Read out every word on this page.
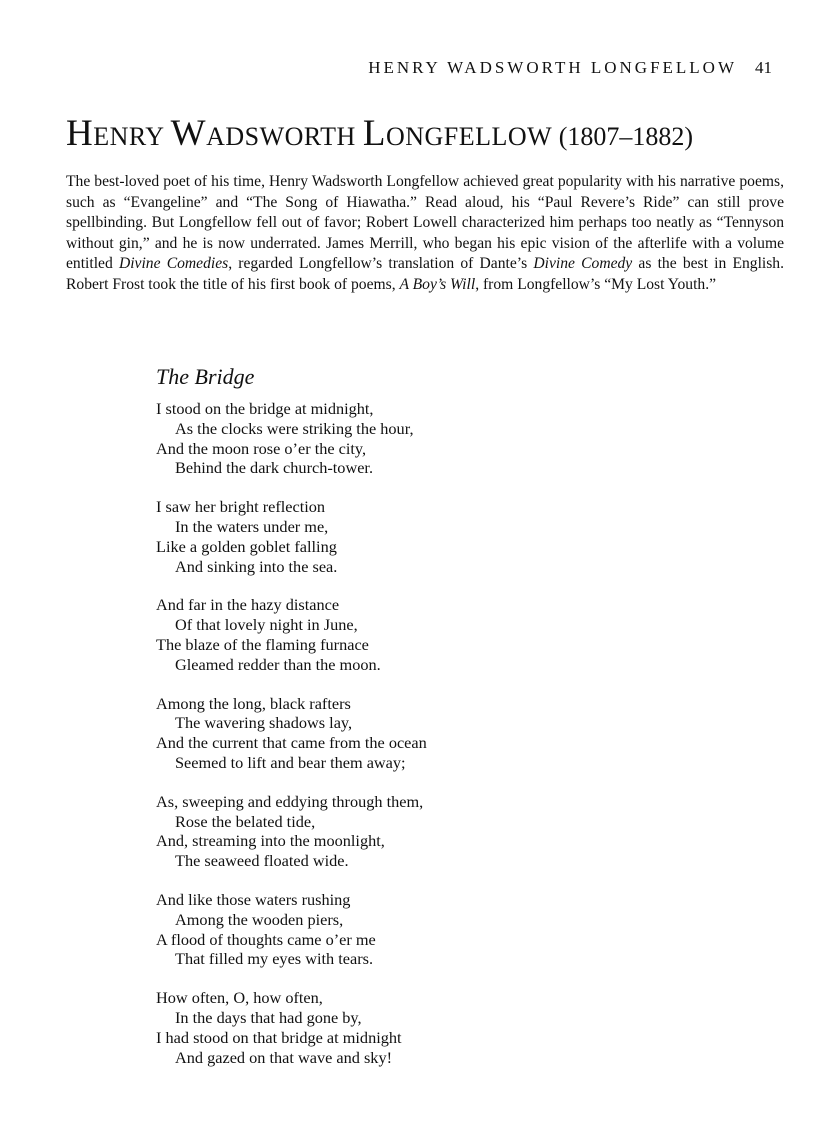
HENRY WADSWORTH LONGFELLOW 41
HENRY WADSWORTH LONGFELLOW (1807–1882)

The best-loved poet of his time, Henry Wadsworth Longfellow achieved great popularity with his narrative poems, such as “Evangeline” and “The Song of Hiawatha.” Read aloud, his “Paul Revere’s Ride” can still prove spellbinding. But Longfellow fell out of favor; Robert Lowell characterized him perhaps too neatly as “Tennyson without gin,” and he is now underrated. James Merrill, who began his epic vision of the afterlife with a volume entitled Divine Comedies, regarded Longfellow’s translation of Dante’s Divine Comedy as the best in English. Robert Frost took the title of his first book of poems, A Boy’s Will, from Longfellow’s “My Lost Youth.”

The Bridge
I stood on the bridge at midnight,
As the clocks were striking the hour,
And the moon rose o’er the city,
Behind the dark church-tower.
I saw her bright reflection
In the waters under me,
Like a golden goblet falling
And sinking into the sea.
And far in the hazy distance
Of that lovely night in June,
The blaze of the flaming furnace
Gleamed redder than the moon.
Among the long, black rafters
The wavering shadows lay,
And the current that came from the ocean
Seemed to lift and bear them away;
As, sweeping and eddying through them,
Rose the belated tide,
And, streaming into the moonlight,
The seaweed floated wide.
And like those waters rushing
Among the wooden piers,
A flood of thoughts came o’er me
That filled my eyes with tears.
How often, O, how often,
In the days that had gone by,
I had stood on that bridge at midnight
And gazed on that wave and sky!
